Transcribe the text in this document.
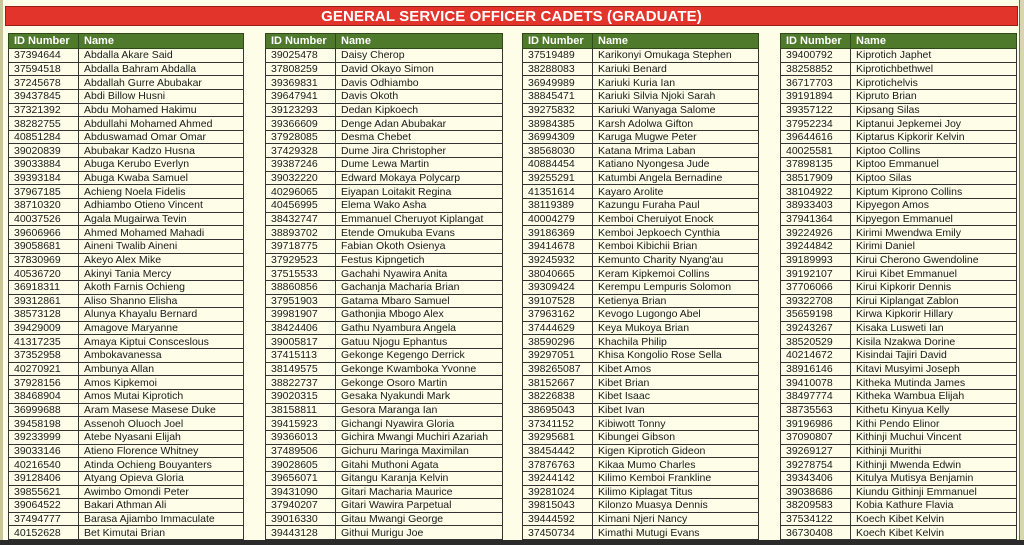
GENERAL SERVICE OFFICER CADETS (GRADUATE)
ID Number	Name
37394644	Abdalla Akare Said
37594518	Abdalla Bahram Abdalla
37245678	Abdallah Gurre Abubakar
39437845	Abdi Billow Husni
37321392	Abdu Mohamed Hakimu
38282755	Abdullahi Mohamed Ahmed
40851284	Abduswamad Omar Omar
39020839	Abubakar Kadzo Husna
39033884	Abuga Kerubo Everlyn
39393184	Abuga Kwaba Samuel
37967185	Achieng Noela Fidelis
38710320	Adhiambo Otieno Vincent
40037526	Agala Mugairwa Tevin
39606966	Ahmed Mohamed Mahadi
39058681	Aineni Twalib Aineni
37830969	Akeyo Alex Mike
40536720	Akinyi Tania Mercy
36918311	Akoth Farnis Ochieng
39312861	Aliso Shanno Elisha
38573128	Alunya Khayalu Bernard
39429009	Amagove Maryanne
41317235	Amaya Kiptui Consceslous
37352958	Ambokavanessa
40270921	Ambunya Allan
37928156	Amos Kipkemoi
38468904	Amos Mutai Kiprotich
36999688	Aram Masese Masese Duke
39458198	Assenoh Oluoch Joel
39233999	Atebe Nyasani Elijah
39033146	Atieno Florence Whitney
40216540	Atinda Ochieng Bouyanters
39128406	Atyang Opieva Gloria
39855621	Awimbo Omondi Peter
39064522	Bakari Athman Ali
37494777	Barasa Ajiambo Immaculate
40152628	Bet Kimutai Brian
ID Number	Name
39025478	Daisy Cherop
37808259	David Okayo Simon
39369831	Davis Odhiambo
39647941	Davis Okoth
39123293	Dedan Kipkoech
39366609	Denge Adan Abubakar
37928085	Desma Chebet
37429328	Dume Jira Christopher
39387246	Dume Lewa Martin
39032220	Edward Mokaya Polycarp
40296065	Eiyapan Loitakit Regina
40456995	Elema Wako Asha
38432747	Emmanuel Cheruyot Kiplangat
38893702	Etende Omukuba Evans
39718775	Fabian Okoth Osienya
37929523	Festus Kipngetich
37515533	Gachahi Nyawira Anita
38860856	Gachanja Macharia Brian
37951903	Gatama Mbaro Samuel
39981907	Gathonjia Mbogo Alex
38424406	Gathu Nyambura Angela
39005817	Gatuu Njogu Ephantus
37415113	Gekonge Kegengo Derrick
38149575	Gekonge Kwamboka Yvonne
38822737	Gekonge Osoro Martin
39020315	Gesaka Nyakundi Mark
38158811	Gesora Maranga Ian
39415923	Gichangi Nyawira Gloria
39366013	Gichira Mwangi Muchiri Azariah
37489506	Gichuru Maringa Maximilan
39028605	Gitahi Muthoni Agata
39656071	Gitangu Karanja Kelvin
39431090	Gitari Macharia Maurice
37940207	Gitari Wawira Parpetual
39016330	Gitau Mwangi George
39443128	Githui Murigu Joe
ID Number	Name
37519489	Karikonyi Omukaga Stephen
38288083	Kariuki Benard
36949989	Kariuki Kuria Ian
38845471	Kariuki Silvia Njoki Sarah
39275832	Kariuki Wanyaga Salome
38984385	Karsh Adolwa Gifton
36994309	Karuga Mugwe Peter
38568030	Katana Mrima Laban
40884454	Katiano Nyongesa Jude
39255291	Katumbi Angela Bernadine
41351614	Kayaro Arolite
38119389	Kazungu Furaha Paul
40004279	Kemboi Cheruiyot Enock
39186369	Kemboi Jepkoech Cynthia
39414678	Kemboi Kibichii Brian
39245932	Kemunto Charity Nyang'au
38040665	Keram Kipkemoi Collins
39309424	Kerempu Lempuris Solomon
39107528	Ketienya Brian
37963162	Kevogo Lugongo Abel
37444629	Keya Mukoya Brian
38590296	Khachila Philip
39297051	Khisa Kongolio Rose Sella
398265087	Kibet Amos
38152667	Kibet Brian
38226838	Kibet Isaac
38695043	Kibet Ivan
37341152	Kibiwott Tonny
39295681	Kibungei Gibson
38454442	Kigen Kiprotich Gideon
37876763	Kikaa Mumo Charles
39244142	Kilimo Kemboi Frankline
39281024	Kilimo Kiplagat Titus
39815043	Kilonzo Muasya Dennis
39444592	Kimani Njeri Nancy
37450734	Kimathi Mutugi Evans
ID Number	Name
39400792	Kiprotich Japhet
38258852	Kiprotichbethwel
36717703	Kiprotichelvis
39191894	Kipruto Brian
39357122	Kipsang Silas
37952234	Kiptanui Jepkemei Joy
39644616	Kiptarus Kipkorir Kelvin
40025581	Kiptoo Collins
37898135	Kiptoo Emmanuel
38517909	Kiptoo Silas
38104922	Kiptum Kiprono Collins
38933403	Kipyegon Amos
37941364	Kipyegon Emmanuel
39224926	Kirimi Mwendwa Emily
39244842	Kirimi Daniel
39189993	Kirui Cherono Gwendoline
39192107	Kirui Kibet Emmanuel
37706066	Kirui Kipkorir Dennis
39322708	Kirui Kiplangat Zablon
35659198	Kirwa Kipkorir Hillary
39243267	Kisaka Lusweti Ian
38520529	Kisila Nzakwa Dorine
40214672	Kisindai Tajiri David
38916146	Kitavi Musyimi Joseph
39410078	Kitheka Mutinda James
38497774	Kitheka Wambua Elijah
38735563	Kithetu Kinyua Kelly
39196986	Kithi Pendo Elinor
37090807	Kithinji Muchui Vincent
39269127	Kithinji Murithi
39278754	Kithinji Mwenda Edwin
39343406	Kitulya Mutisya Benjamin
39038686	Kiundu Githinji Emmanuel
38209583	Kobia Kathure Flavia
37534122	Koech Kibet Kelvin
36730408	Koech Kibet Kelvin
